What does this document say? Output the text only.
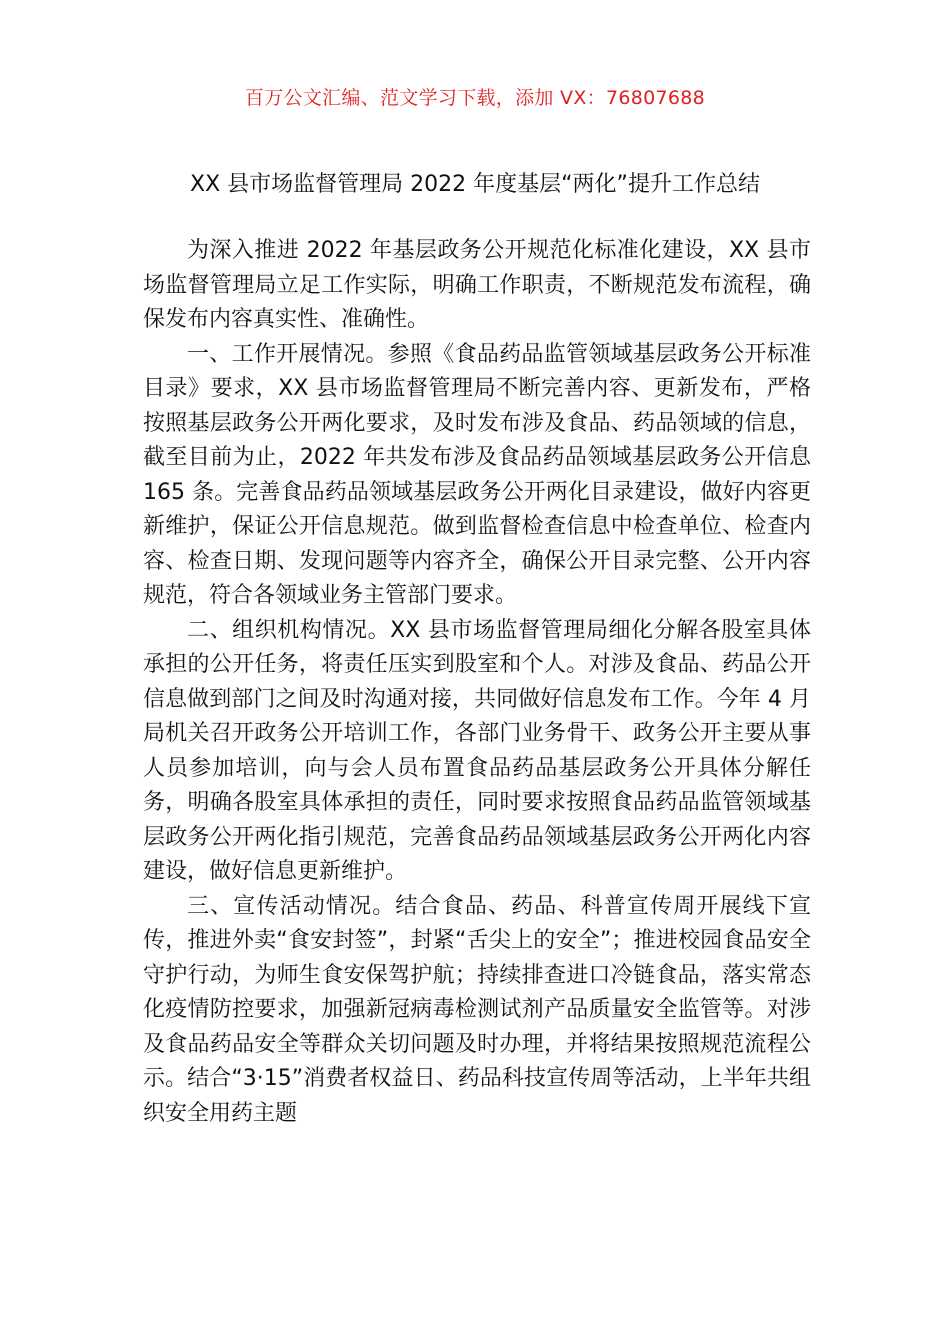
百万公文汇编、范文学习下载，添加 VX：76807688
XX 县市场监督管理局 2022 年度基层“两化”提升工作总结

为深入推进 2022 年基层政务公开规范化标准化建设，XX 县市场监督管理局立足工作实际，明确工作职责，不断规范发布流程，确保发布内容真实性、准确性。

一、工作开展情况。参照《食品药品监管领域基层政务公开标准目录》要求，XX 县市场监督管理局不断完善内容、更新发布，严格按照基层政务公开两化要求，及时发布涉及食品、药品领域的信息，截至目前为止，2022 年共发布涉及食品药品领域基层政务公开信息 165 条。完善食品药品领域基层政务公开两化目录建设，做好内容更新维护，保证公开信息规范。做到监督检查信息中检查单位、检查内容、检查日期、发现问题等内容齐全，确保公开目录完整、公开内容规范，符合各领域业务主管部门要求。

二、组织机构情况。XX 县市场监督管理局细化分解各股室具体承担的公开任务，将责任压实到股室和个人。对涉及食品、药品公开信息做到部门之间及时沟通对接，共同做好信息发布工作。今年 4 月局机关召开政务公开培训工作，各部门业务骨干、政务公开主要从事人员参加培训，向与会人员布置食品药品基层政务公开具体分解任务，明确各股室具体承担的责任，同时要求按照食品药品监管领域基层政务公开两化指引规范，完善食品药品领域基层政务公开两化内容建设，做好信息更新维护。

三、宣传活动情况。结合食品、药品、科普宣传周开展线下宣传，推进外卖“食安封签”，封紧“舌尖上的安全”；推进校园食品安全守护行动，为师生食安保驾护航；持续排查进口冷链食品，落实常态化疫情防控要求，加强新冠病毒检测试剂产品质量安全监管等。对涉及食品药品安全等群众关切问题及时办理，并将结果按照规范流程公示。结合“3·15”消费者权益日、药品科技宣传周等活动，上半年共组织安全用药主题
